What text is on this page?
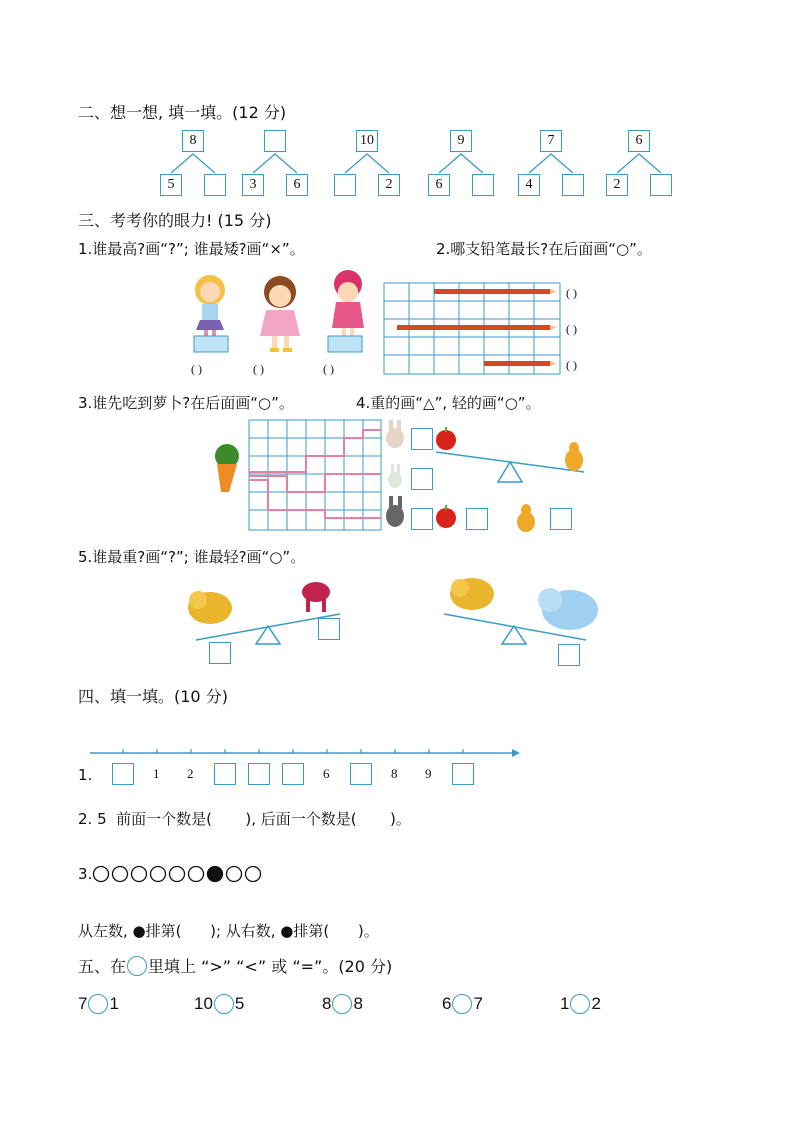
二、想一想, 填一填。(12 分)
8
5	3	6
10
2
9
6
7
4
6
2
三、考考你的眼力! (15 分)
1.谁最高?画“?”; 谁最矮?画“×”。	2.哪支铅笔最长?在后面画“○”。
( )	( )	( )
( )
( )
( )
3.谁先吃到萝卜?在后面画“○”。	4.重的画“△”, 轻的画“○”。
5.谁最重?画“?”; 谁最轻?画“○”。
四、填一填。(10 分)
1.	1 2	6	8 9
2. 5  前面一个数是(       ), 后面一个数是(       )。
3.
从左数, ●排第(      ); 从右数, ●排第(      )。
五、在 里填上 “>” “<” 或 “=”。(20 分)
7 1	10 5	8 8	6 7	1 2
